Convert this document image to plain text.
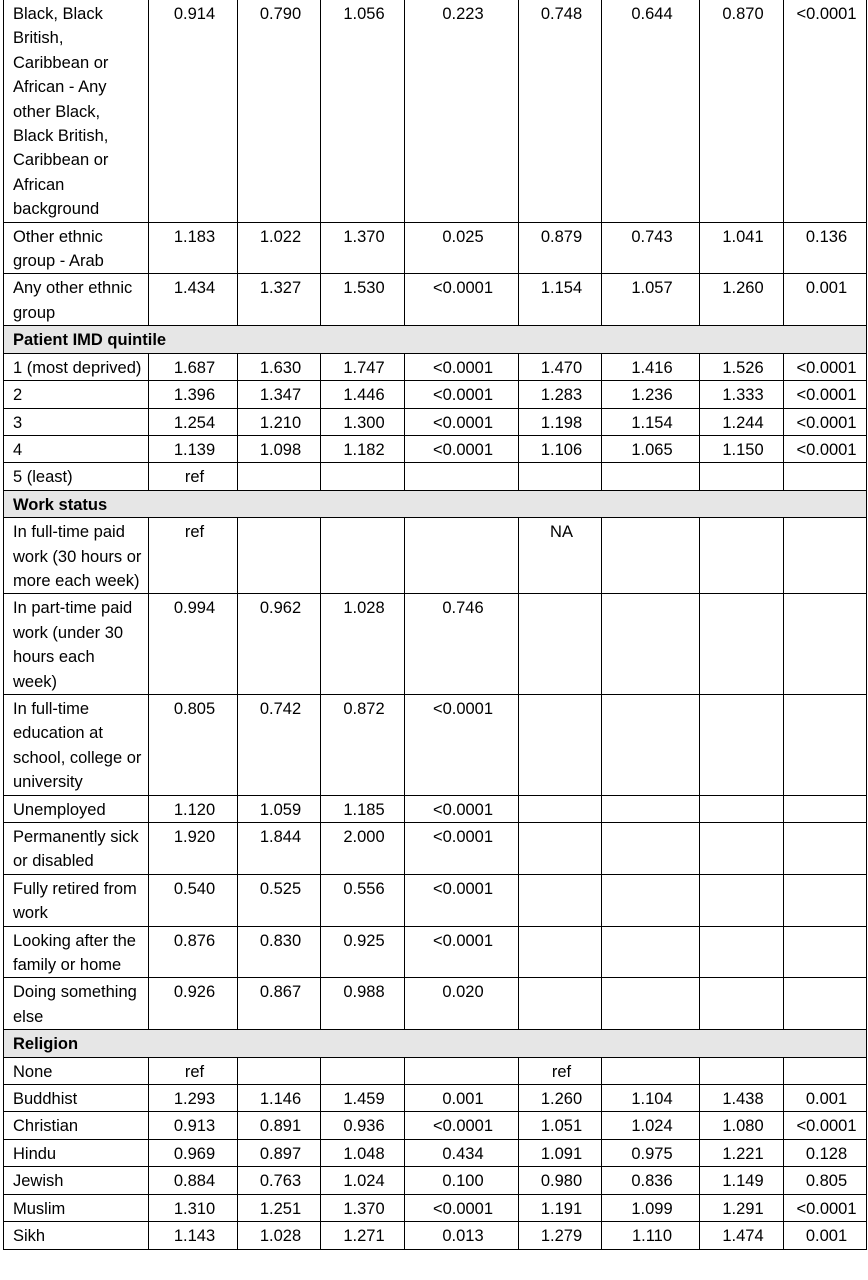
Black, Black British, Caribbean or African - Any other Black, Black British, Caribbean or African background	0.914	0.790	1.056	0.223	0.748	0.644	0.870	<0.0001
Other ethnic group - Arab	1.183	1.022	1.370	0.025	0.879	0.743	1.041	0.136
Any other ethnic group	1.434	1.327	1.530	<0.0001	1.154	1.057	1.260	0.001
Patient IMD quintile								
1 (most deprived)	1.687	1.630	1.747	<0.0001	1.470	1.416	1.526	<0.0001
2	1.396	1.347	1.446	<0.0001	1.283	1.236	1.333	<0.0001
3	1.254	1.210	1.300	<0.0001	1.198	1.154	1.244	<0.0001
4	1.139	1.098	1.182	<0.0001	1.106	1.065	1.150	<0.0001
5 (least)	ref							
Work status								
In full-time paid work (30 hours or more each week)	ref				NA			
In part-time paid work (under 30 hours each week)	0.994	0.962	1.028	0.746				
In full-time education at school, college or university	0.805	0.742	0.872	<0.0001				
Unemployed	1.120	1.059	1.185	<0.0001				
Permanently sick or disabled	1.920	1.844	2.000	<0.0001				
Fully retired from work	0.540	0.525	0.556	<0.0001				
Looking after the family or home	0.876	0.830	0.925	<0.0001				
Doing something else	0.926	0.867	0.988	0.020				
Religion								
None	ref				ref			
Buddhist	1.293	1.146	1.459	0.001	1.260	1.104	1.438	0.001
Christian	0.913	0.891	0.936	<0.0001	1.051	1.024	1.080	<0.0001
Hindu	0.969	0.897	1.048	0.434	1.091	0.975	1.221	0.128
Jewish	0.884	0.763	1.024	0.100	0.980	0.836	1.149	0.805
Muslim	1.310	1.251	1.370	<0.0001	1.191	1.099	1.291	<0.0001
Sikh	1.143	1.028	1.271	0.013	1.279	1.110	1.474	0.001
